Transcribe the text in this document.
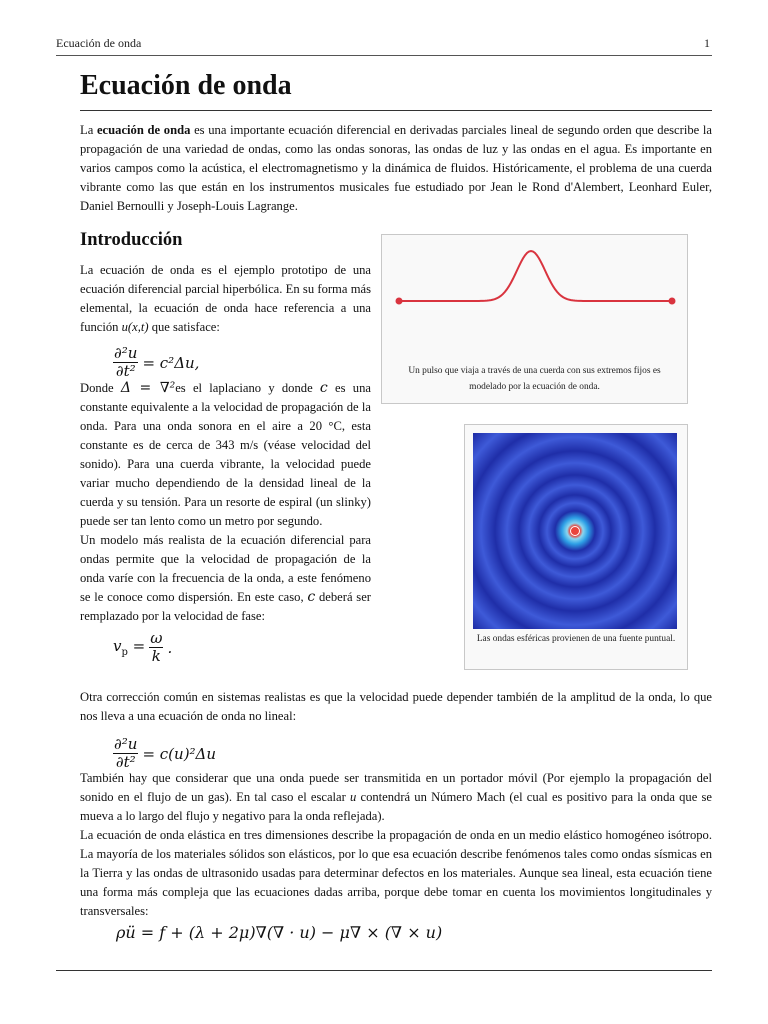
Ecuación de onda	1
Ecuación de onda

La ecuación de onda es una importante ecuación diferencial en derivadas parciales lineal de segundo orden que describe la propagación de una variedad de ondas, como las ondas sonoras, las ondas de luz y las ondas en el agua. Es importante en varios campos como la acústica, el electromagnetismo y la dinámica de fluidos. Históricamente, el problema de una cuerda vibrante como las que están en los instrumentos musicales fue estudiado por Jean le Rond d'Alembert, Leonhard Euler, Daniel Bernoulli y Joseph-Louis Lagrange.

Introducción

La ecuación de onda es el ejemplo prototipo de una ecuación diferencial parcial hiperbólica. En su forma más elemental, la ecuación de onda hace referencia a una función u(x,t) que satisface:

$\frac{\text{∂²u}}{\text{∂t²}} = c^2\Delta u$,

Donde Δ = ∇²es el laplaciano y donde c es una constante equivalente a la velocidad de propagación de la onda. Para una onda sonora en el aire a 20 °C, esta constante es de cerca de 343 m/s (véase velocidad del sonido). Para una cuerda vibrante, la velocidad puede variar mucho dependiendo de la densidad lineal de la cuerda y su tensión. Para un resorte de espiral (un slinky) puede ser tan lento como un metro por segundo.

Un modelo más realista de la ecuación diferencial para ondas permite que la velocidad de propagación de la onda varíe con la frecuencia de la onda, a este fenómeno se le conoce como dispersión. En este caso, c deberá ser remplazado por la velocidad de fase:

$v_p = \frac{\omega}{k}$ .

Otra corrección común en sistemas realistas es que la velocidad puede depender también de la amplitud de la onda, lo que nos lleva a una ecuación de onda no lineal:

$\frac{\text{∂²u}}{\text{∂t²}} = c(u)^2\Delta u$

También hay que considerar que una onda puede ser transmitida en un portador móvil (Por ejemplo la propagación del sonido en el flujo de un gas). En tal caso el escalar u contendrá un Número Mach (el cual es positivo para la onda que se mueva a lo largo del flujo y negativo para la onda reflejada).

La ecuación de onda elástica en tres dimensiones describe la propagación de onda en un medio elástico homogéneo isótropo. La mayoría de los materiales sólidos son elásticos, por lo que esa ecuación describe fenómenos tales como ondas sísmicas en la Tierra y las ondas de ultrasonido usadas para determinar defectos en los materiales. Aunque sea lineal, esta ecuación tiene una forma más compleja que las ecuaciones dadas arriba, porque debe tomar en cuenta los movimientos longitudinales y transversales:

ρü = f + (λ + 2μ)∇(∇ · u) − μ∇ × (∇ × u)
Un pulso que viaja a través de una cuerda con sus extremos fijos es modelado por la ecuación de onda.
Las ondas esféricas provienen de una fuente puntual.
